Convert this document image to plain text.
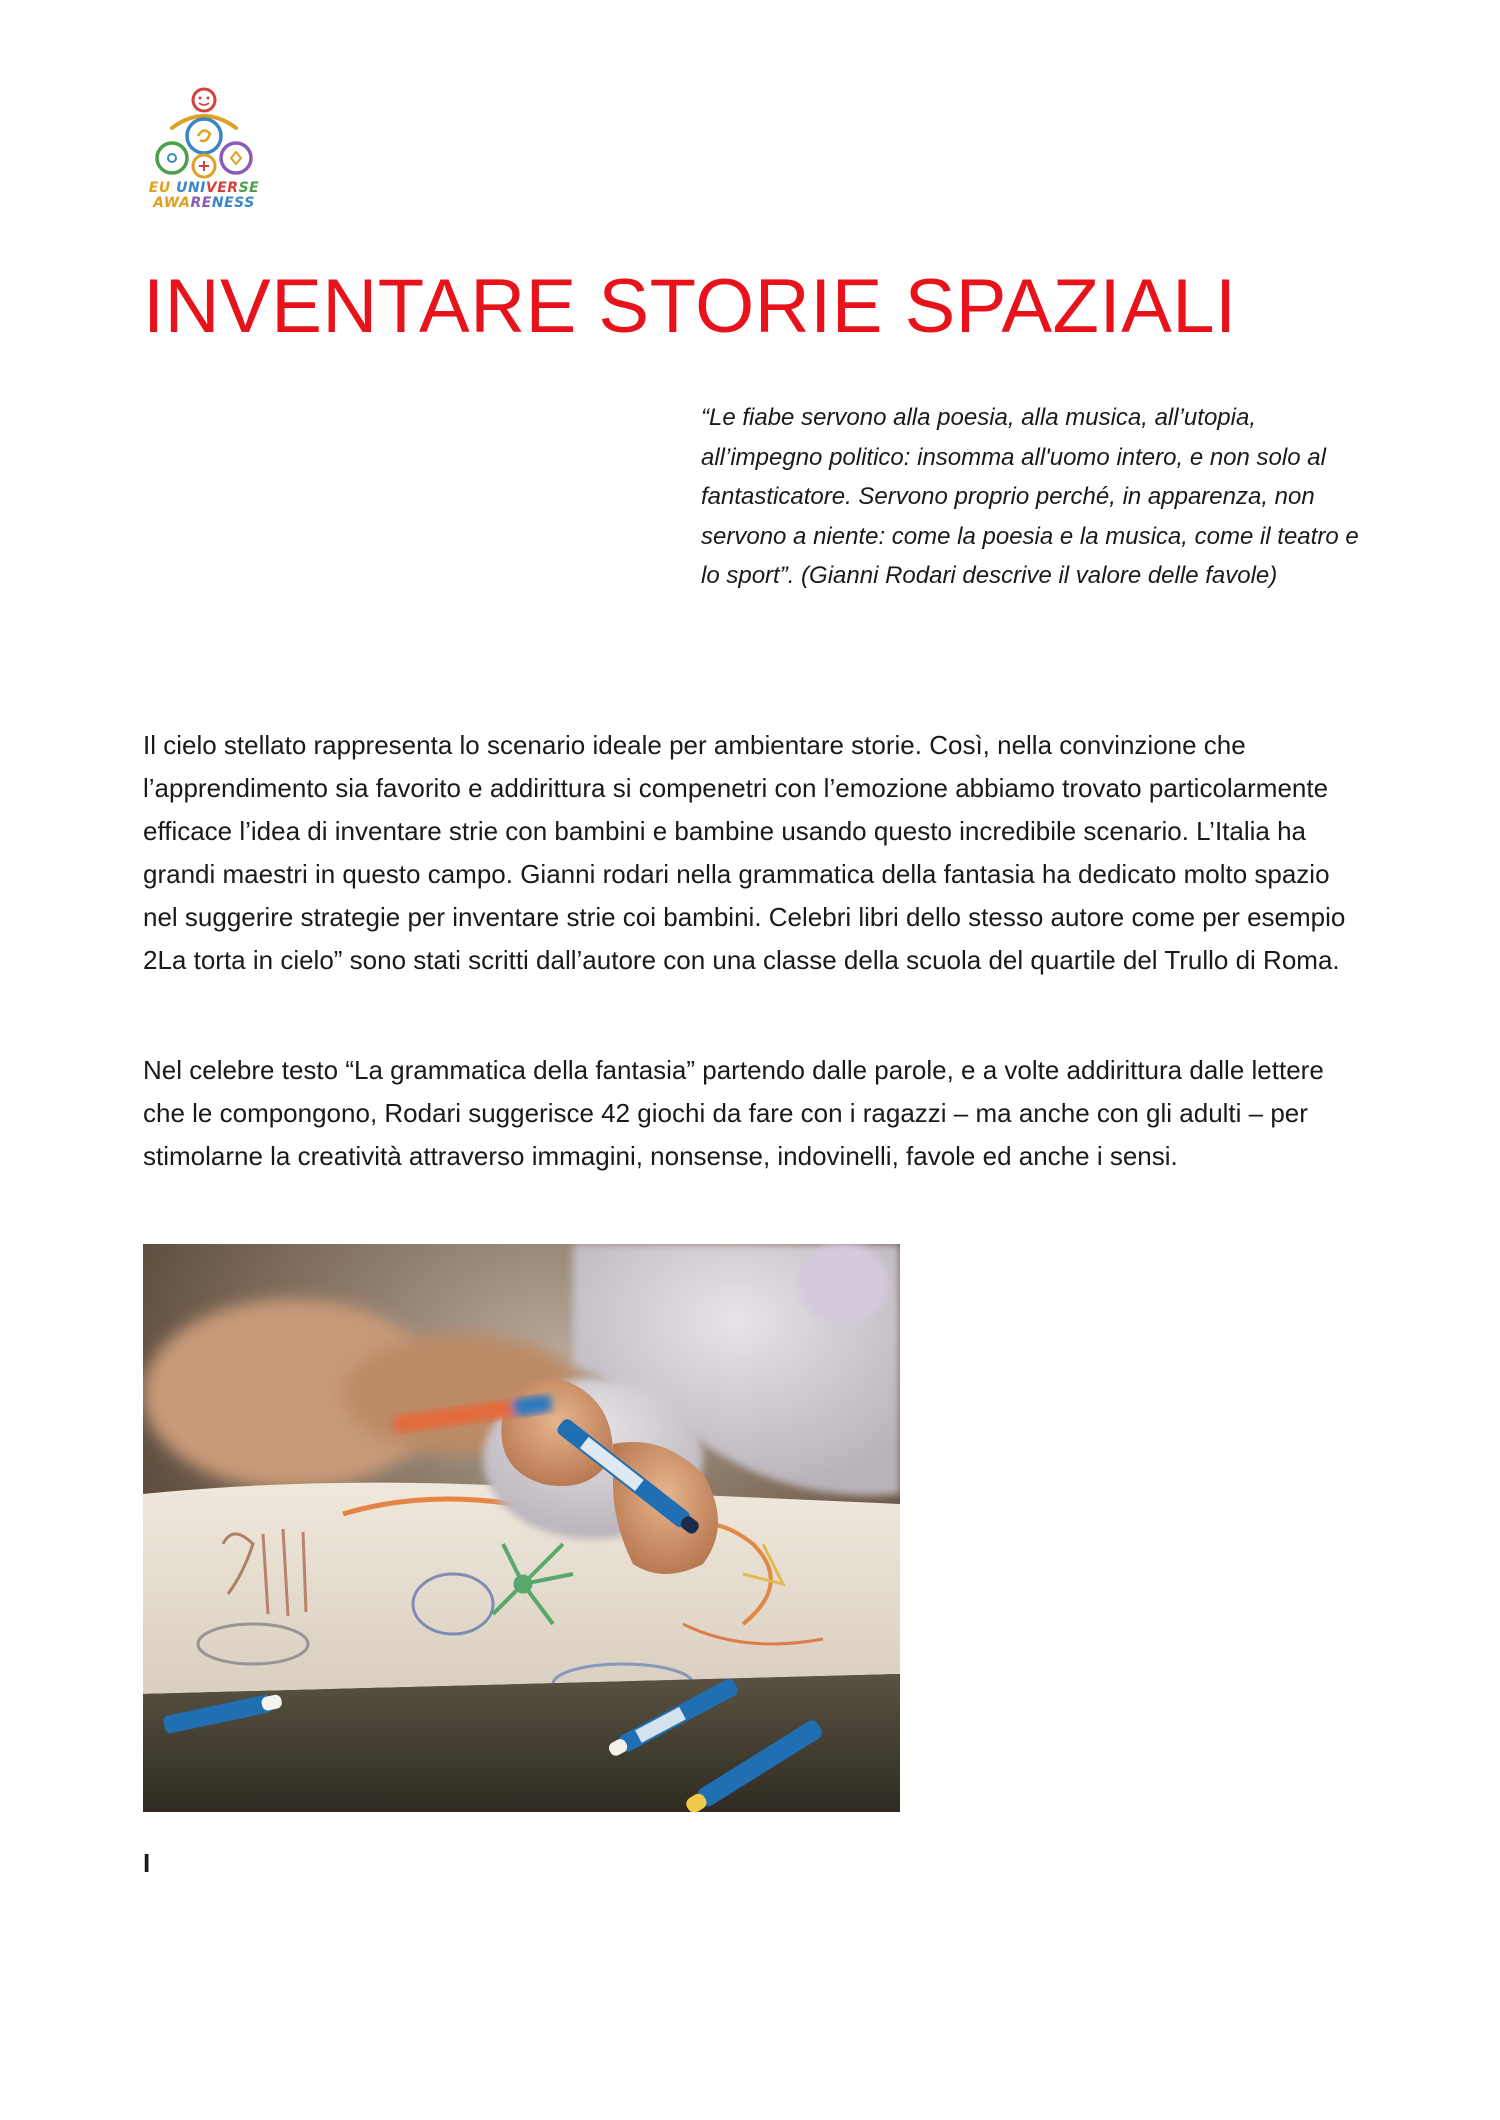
EU UNIVERSE
AWARENESS
INVENTARE STORIE SPAZIALI

“Le fiabe servono alla poesia, alla musica, all’utopia, all’impegno politico: insomma all'uomo intero, e non solo al fantasticatore. Servono proprio perché, in apparenza, non servono a niente: come la poesia e la musica, come il teatro e lo sport”. (Gianni Rodari descrive il valore delle favole)

Il cielo stellato rappresenta lo scenario ideale per ambientare storie. Così, nella convinzione che l’apprendimento sia favorito e addirittura si compenetri con l’emozione abbiamo trovato particolarmente efficace l’idea di inventare strie con bambini e bambine usando questo incredibile scenario. L’Italia ha grandi maestri in questo campo. Gianni rodari nella grammatica della fantasia ha dedicato molto spazio nel suggerire strategie per inventare strie coi bambini. Celebri libri dello stesso autore come per esempio 2La torta in cielo” sono stati scritti dall’autore con una classe della scuola del quartile del Trullo di Roma.

Nel celebre testo “La grammatica della fantasia” partendo dalle parole, e a volte addirittura dalle lettere che le compongono, Rodari suggerisce 42 giochi da fare con i ragazzi – ma anche con gli adulti – per stimolarne la creatività attraverso immagini, nonsense, indovinelli, favole ed anche i sensi.

I
